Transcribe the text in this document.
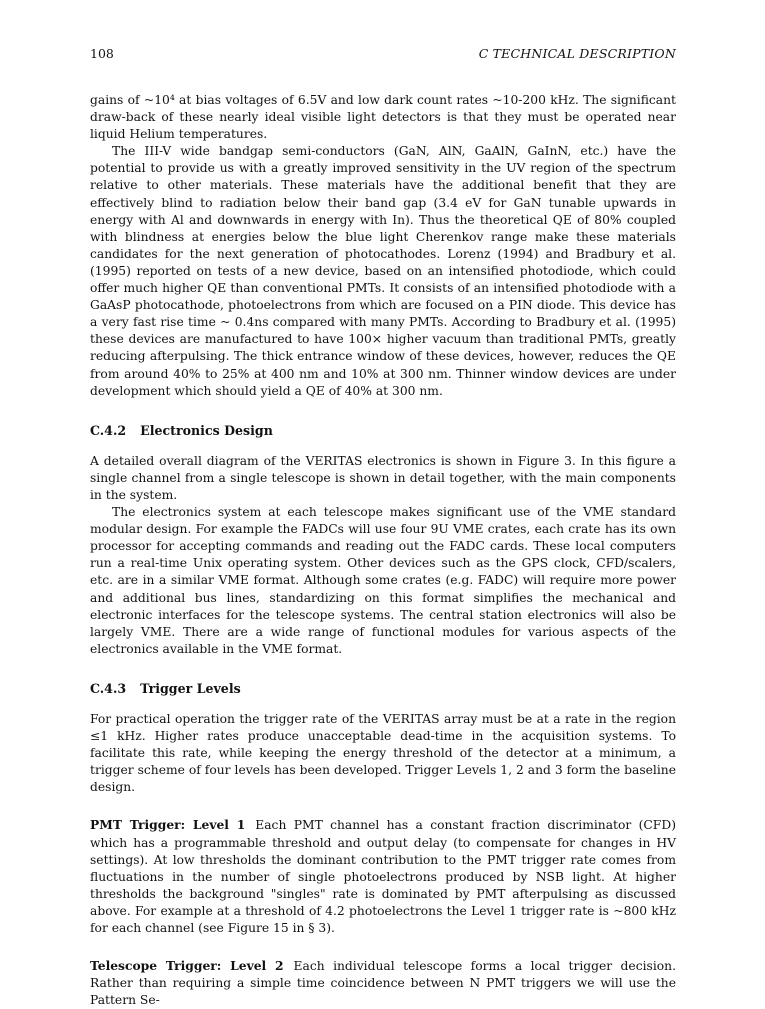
108	C TECHNICAL DESCRIPTION

gains of ~10⁴ at bias voltages of 6.5V and low dark count rates ~10-200 kHz. The significant draw-back of these nearly ideal visible light detectors is that they must be operated near liquid Helium temperatures.

The III-V wide bandgap semi-conductors (GaN, AlN, GaAlN, GaInN, etc.) have the potential to provide us with a greatly improved sensitivity in the UV region of the spectrum relative to other materials. These materials have the additional benefit that they are effectively blind to radiation below their band gap (3.4 eV for GaN tunable upwards in energy with Al and downwards in energy with In). Thus the theoretical QE of 80% coupled with blindness at energies below the blue light Cherenkov range make these materials candidates for the next generation of photocathodes. Lorenz (1994) and Bradbury et al. (1995) reported on tests of a new device, based on an intensified photodiode, which could offer much higher QE than conventional PMTs. It consists of an intensified photodiode with a GaAsP photocathode, photoelectrons from which are focused on a PIN diode. This device has a very fast rise time ~ 0.4ns compared with many PMTs. According to Bradbury et al. (1995) these devices are manufactured to have 100× higher vacuum than traditional PMTs, greatly reducing afterpulsing. The thick entrance window of these devices, however, reduces the QE from around 40% to 25% at 400 nm and 10% at 300 nm. Thinner window devices are under development which should yield a QE of 40% at 300 nm.

C.4.2 Electronics Design

A detailed overall diagram of the VERITAS electronics is shown in Figure 3. In this figure a single channel from a single telescope is shown in detail together, with the main components in the system.

The electronics system at each telescope makes significant use of the VME standard modular design. For example the FADCs will use four 9U VME crates, each crate has its own processor for accepting commands and reading out the FADC cards. These local computers run a real-time Unix operating system. Other devices such as the GPS clock, CFD/scalers, etc. are in a similar VME format. Although some crates (e.g. FADC) will require more power and additional bus lines, standardizing on this format simplifies the mechanical and electronic interfaces for the telescope systems. The central station electronics will also be largely VME. There are a wide range of functional modules for various aspects of the electronics available in the VME format.

C.4.3 Trigger Levels

For practical operation the trigger rate of the VERITAS array must be at a rate in the region ≤1 kHz. Higher rates produce unacceptable dead-time in the acquisition systems. To facilitate this rate, while keeping the energy threshold of the detector at a minimum, a trigger scheme of four levels has been developed. Trigger Levels 1, 2 and 3 form the baseline design.

PMT Trigger: Level 1 Each PMT channel has a constant fraction discriminator (CFD) which has a programmable threshold and output delay (to compensate for changes in HV settings). At low thresholds the dominant contribution to the PMT trigger rate comes from fluctuations in the number of single photoelectrons produced by NSB light. At higher thresholds the background "singles" rate is dominated by PMT afterpulsing as discussed above. For example at a threshold of 4.2 photoelectrons the Level 1 trigger rate is ~800 kHz for each channel (see Figure 15 in § 3).

Telescope Trigger: Level 2 Each individual telescope forms a local trigger decision. Rather than requiring a simple time coincidence between N PMT triggers we will use the Pattern Se-
